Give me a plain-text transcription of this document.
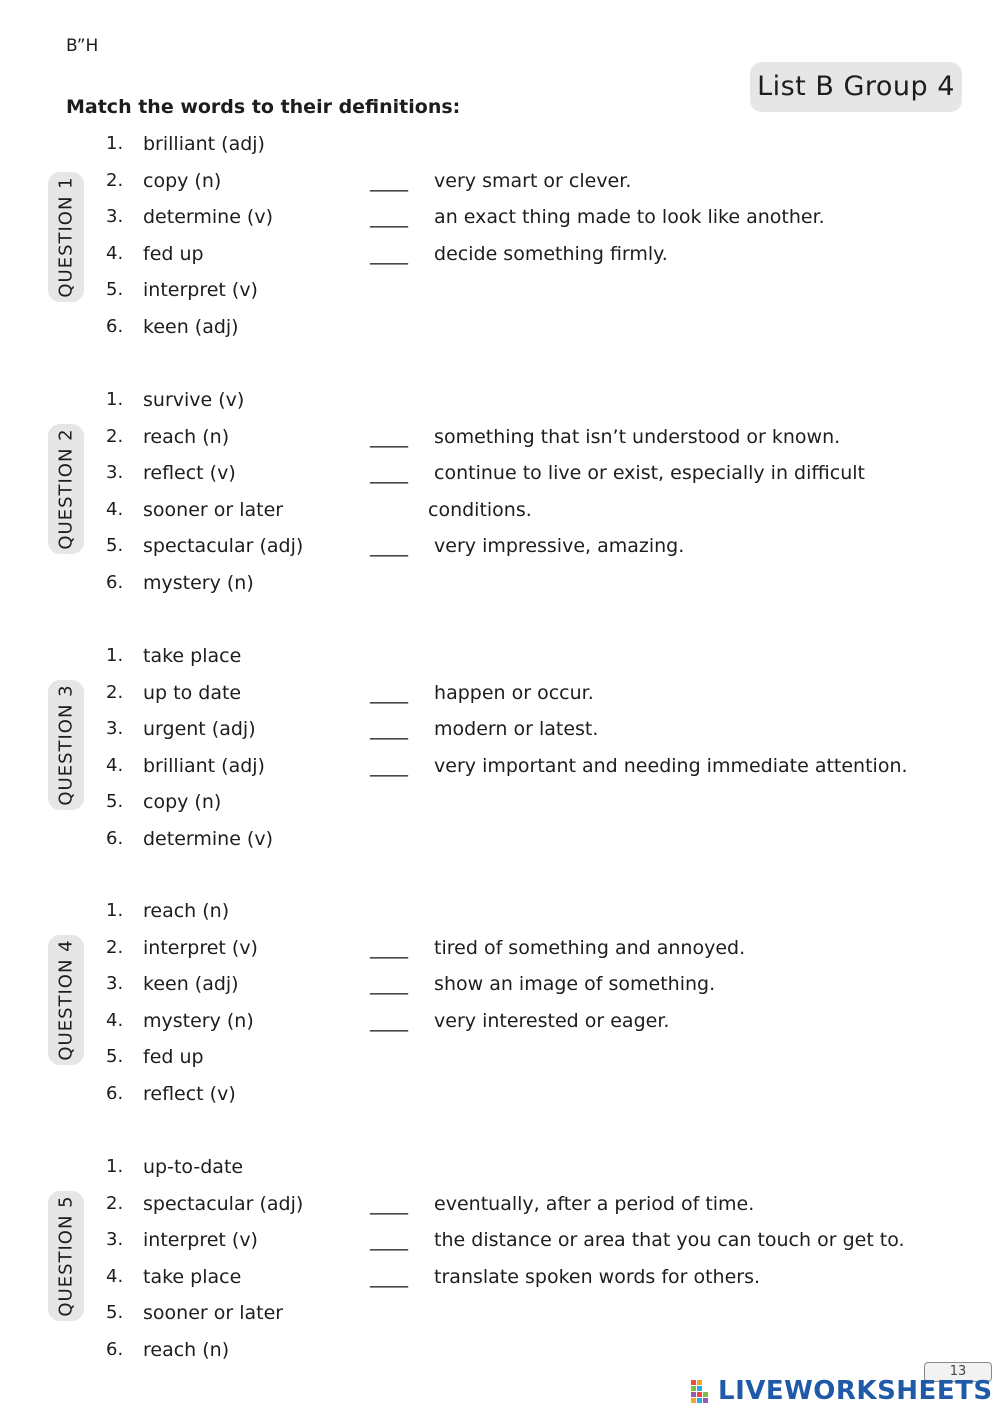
B”H
List B Group 4
Match the words to their definitions:
QUESTION 1
1. brilliant (adj)
2. copy (n)
3. determine (v)
4. fed up
5. interpret (v)
6. keen (adj)
____ very smart or clever.
____ an exact thing made to look like another.
____ decide something firmly.
QUESTION 2
1. survive (v)
2. reach (n)
3. reflect (v)
4. sooner or later
5. spectacular (adj)
6. mystery (n)
____ something that isn’t understood or known.
____ continue to live or exist, especially in difficult conditions.
____ very impressive, amazing.
QUESTION 3
1. take place
2. up to date
3. urgent (adj)
4. brilliant (adj)
5. copy (n)
6. determine (v)
____ happen or occur.
____ modern or latest.
____ very important and needing immediate attention.
QUESTION 4
1. reach (n)
2. interpret (v)
3. keen (adj)
4. mystery (n)
5. fed up
6. reflect (v)
____ tired of something and annoyed.
____ show an image of something.
____ very interested or eager.
QUESTION 5
1. up-to-date
2. spectacular (adj)
3. interpret (v)
4. take place
5. sooner or later
6. reach (n)
____ eventually, after a period of time.
____ the distance or area that you can touch or get to.
____ translate spoken words for others.
13
LIVEWORKSHEETS
